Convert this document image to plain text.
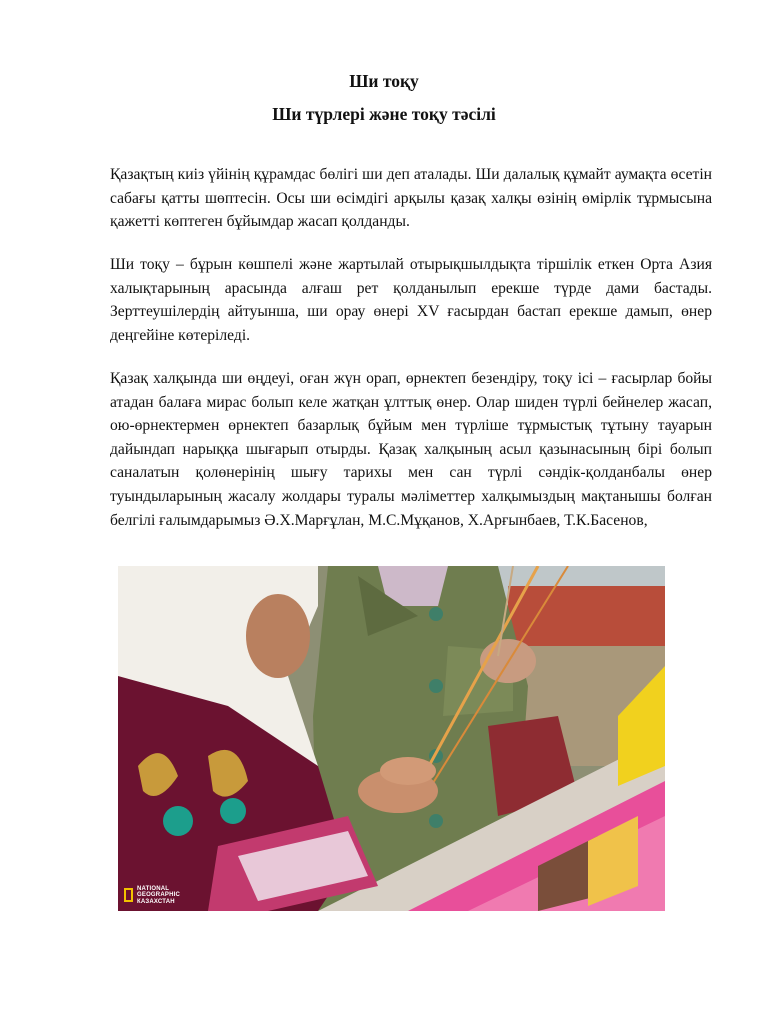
Ши тоқу
Ши түрлері және тоқу тәсілі

Қазақтың киіз үйінің құрамдас бөлігі ши деп аталады. Ши далалық құмайт аумақта өсетін сабағы қатты шөптесін. Осы ши өсімдігі арқылы қазақ халқы өзінің өмірлік тұрмысына қажетті көптеген бұйымдар жасап қолданды.

Ши тоқу – бұрын көшпелі және жартылай отырықшылдықта тіршілік еткен Орта Азия халықтарының арасында алғаш рет қолданылып ерекше түрде дами бастады. Зерттеушілердің айтуынша, ши орау өнері XV ғасырдан бастап ерекше дамып, өнер деңгейіне көтеріледі.

Қазақ халқында ши өңдеуі, оған жүн орап, өрнектеп безендіру, тоқу ісі – ғасырлар бойы атадан балаға мирас болып келе жатқан ұлттық өнер. Олар шиден түрлі бейнелер жасап, ою-өрнектермен өрнектеп базарлық бұйым мен түрліше тұрмыстық тұтыну тауарын дайындап нарыққа шығарып отырды. Қазақ халқының асыл қазынасының бірі болып саналатын қолөнерінің шығу тарихы мен сан түрлі сәндік-қолданбалы өнер туындыларының жасалу жолдары туралы мәліметтер халқымыздың мақтанышы болған белгілі ғалымдарымыз Ә.Х.Марғұлан, М.С.Мұқанов, Х.Арғынбаев, Т.К.Басенов,

NATIONAL
GEOGRAPHIC
КАЗАХСТАН
